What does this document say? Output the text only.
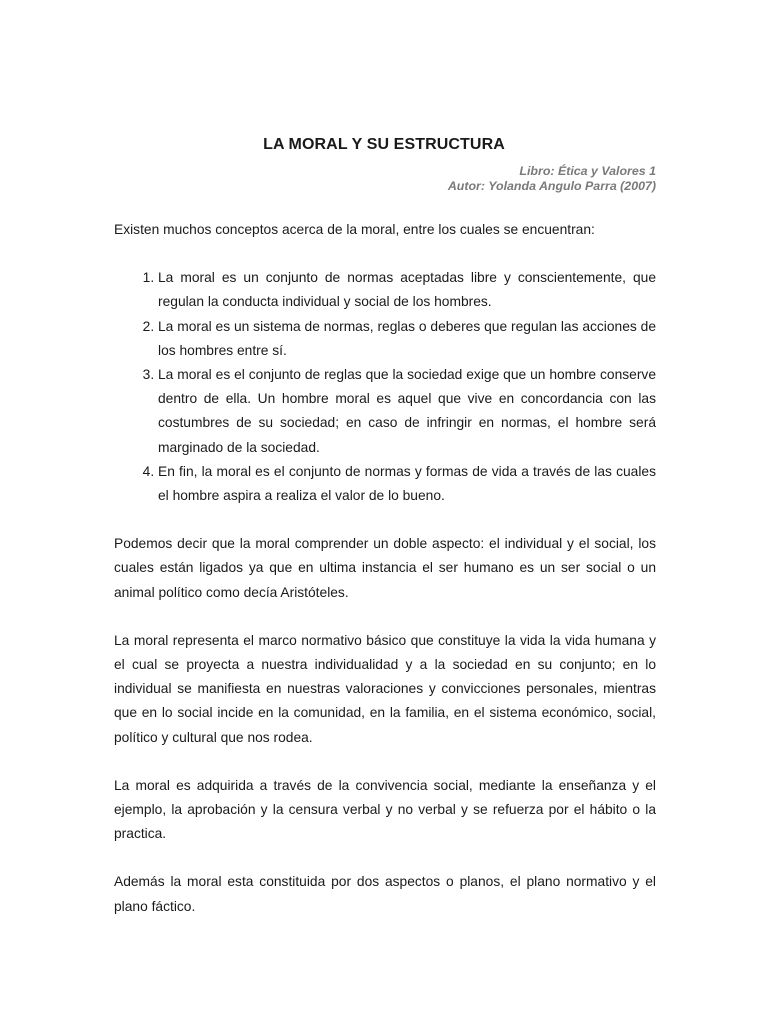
LA MORAL Y SU ESTRUCTURA
Libro: Ética y Valores 1
Autor: Yolanda Angulo Parra (2007)

Existen muchos conceptos acerca de la moral, entre los cuales se encuentran:

1. La moral es un conjunto de normas aceptadas libre y conscientemente, que regulan la conducta individual y social de los hombres.
2. La moral es un sistema de normas, reglas o deberes que regulan las acciones de los hombres entre sí.
3. La moral es el conjunto de reglas que la sociedad exige que un hombre conserve dentro de ella. Un hombre moral es aquel que vive en concordancia con las costumbres de su sociedad; en caso de infringir en normas, el hombre será marginado de la sociedad.
4. En fin, la moral es el conjunto de normas y formas de vida a través de las cuales el hombre aspira a realiza el valor de lo bueno.

Podemos decir que la moral comprender un doble aspecto: el individual y el social, los cuales están ligados ya que en ultima instancia el ser humano es un ser social o un animal político como decía Aristóteles.

La moral representa el marco normativo básico que constituye la vida la vida humana y el cual se proyecta a nuestra individualidad y a la sociedad en su conjunto; en lo individual se manifiesta en nuestras valoraciones y convicciones personales, mientras que en lo social incide en la comunidad, en la familia, en el sistema económico, social, político y cultural que nos rodea.

La moral es adquirida a través de la convivencia social, mediante la enseñanza y el ejemplo, la aprobación y la censura verbal y no verbal y se refuerza por el hábito o la practica.

Además la moral esta constituida por dos aspectos o planos, el plano normativo y el plano fáctico.
